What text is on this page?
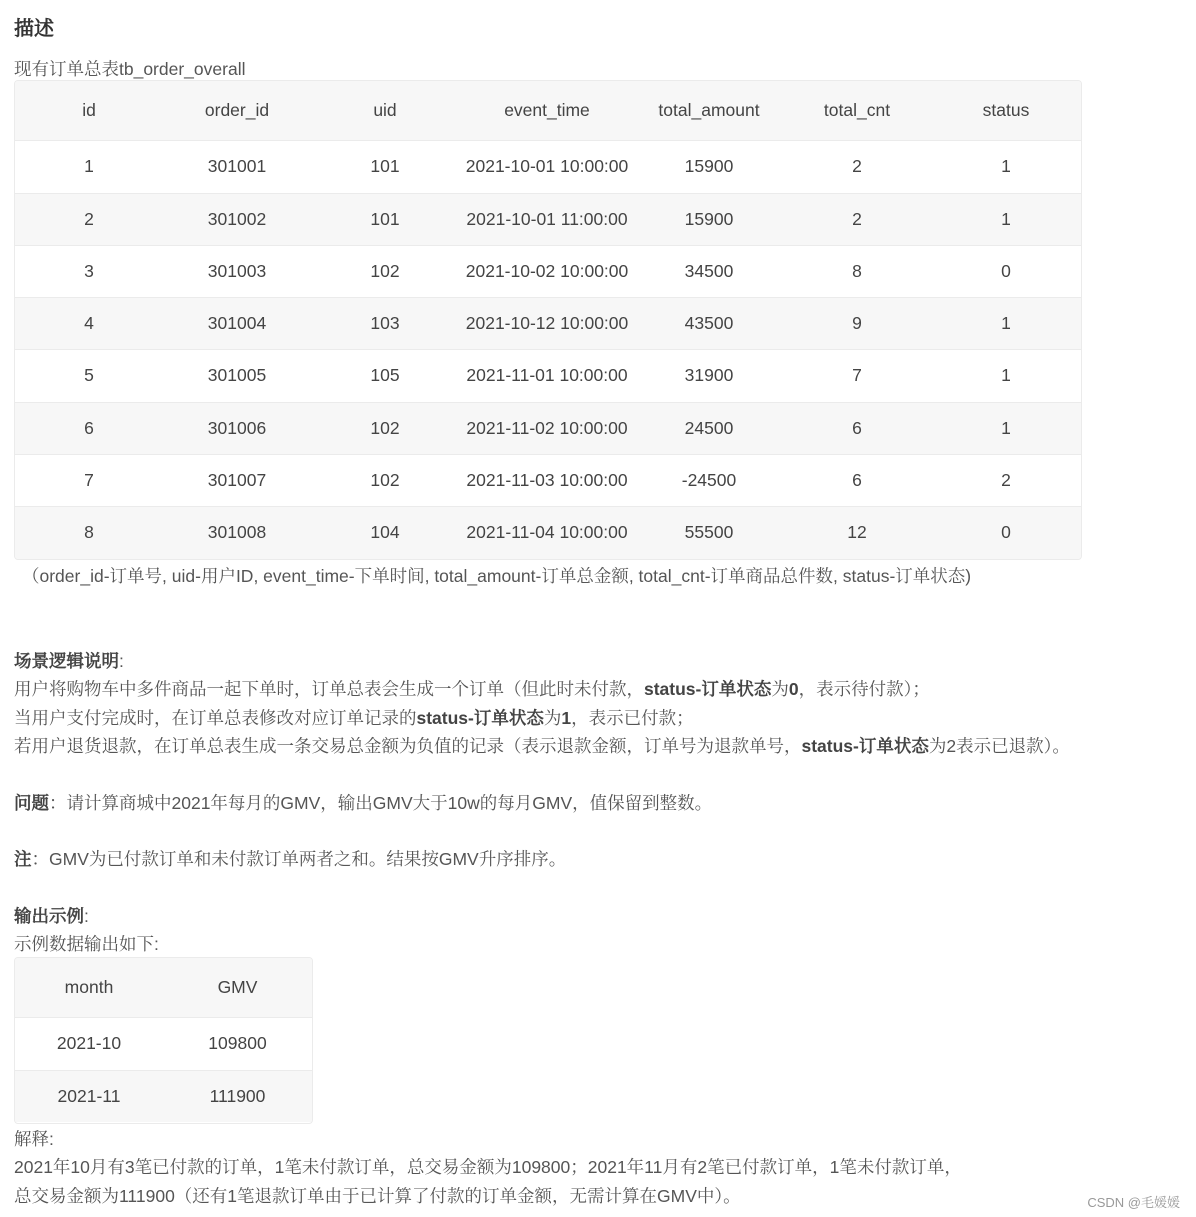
描述
现有订单总表tb_order_overall
id	order_id	uid	event_time	total_amount	total_cnt	status
1	301001	101	2021-10-01 10:00:00	15900	2	1
2	301002	101	2021-10-01 11:00:00	15900	2	1
3	301003	102	2021-10-02 10:00:00	34500	8	0
4	301004	103	2021-10-12 10:00:00	43500	9	1
5	301005	105	2021-11-01 10:00:00	31900	7	1
6	301006	102	2021-11-02 10:00:00	24500	6	1
7	301007	102	2021-11-03 10:00:00	-24500	6	2
8	301008	104	2021-11-04 10:00:00	55500	12	0
（order_id-订单号, uid-用户ID, event_time-下单时间, total_amount-订单总金额, total_cnt-订单商品总件数, status-订单状态)
场景逻辑说明:
用户将购物车中多件商品一起下单时，订单总表会生成一个订单（但此时未付款，status-订单状态为0，表示待付款）；
当用户支付完成时，在订单总表修改对应订单记录的status-订单状态为1，表示已付款；
若用户退货退款，在订单总表生成一条交易总金额为负值的记录（表示退款金额，订单号为退款单号，status-订单状态为2表示已退款）。
问题：请计算商城中2021年每月的GMV，输出GMV大于10w的每月GMV，值保留到整数。
注：GMV为已付款订单和未付款订单两者之和。结果按GMV升序排序。
输出示例:
示例数据输出如下:
month	GMV
2021-10	109800
2021-11	111900
解释:
2021年10月有3笔已付款的订单，1笔未付款订单，总交易金额为109800；2021年11月有2笔已付款订单，1笔未付款订单，
总交易金额为111900（还有1笔退款订单由于已计算了付款的订单金额，无需计算在GMV中）。	CSDN @毛媛媛
